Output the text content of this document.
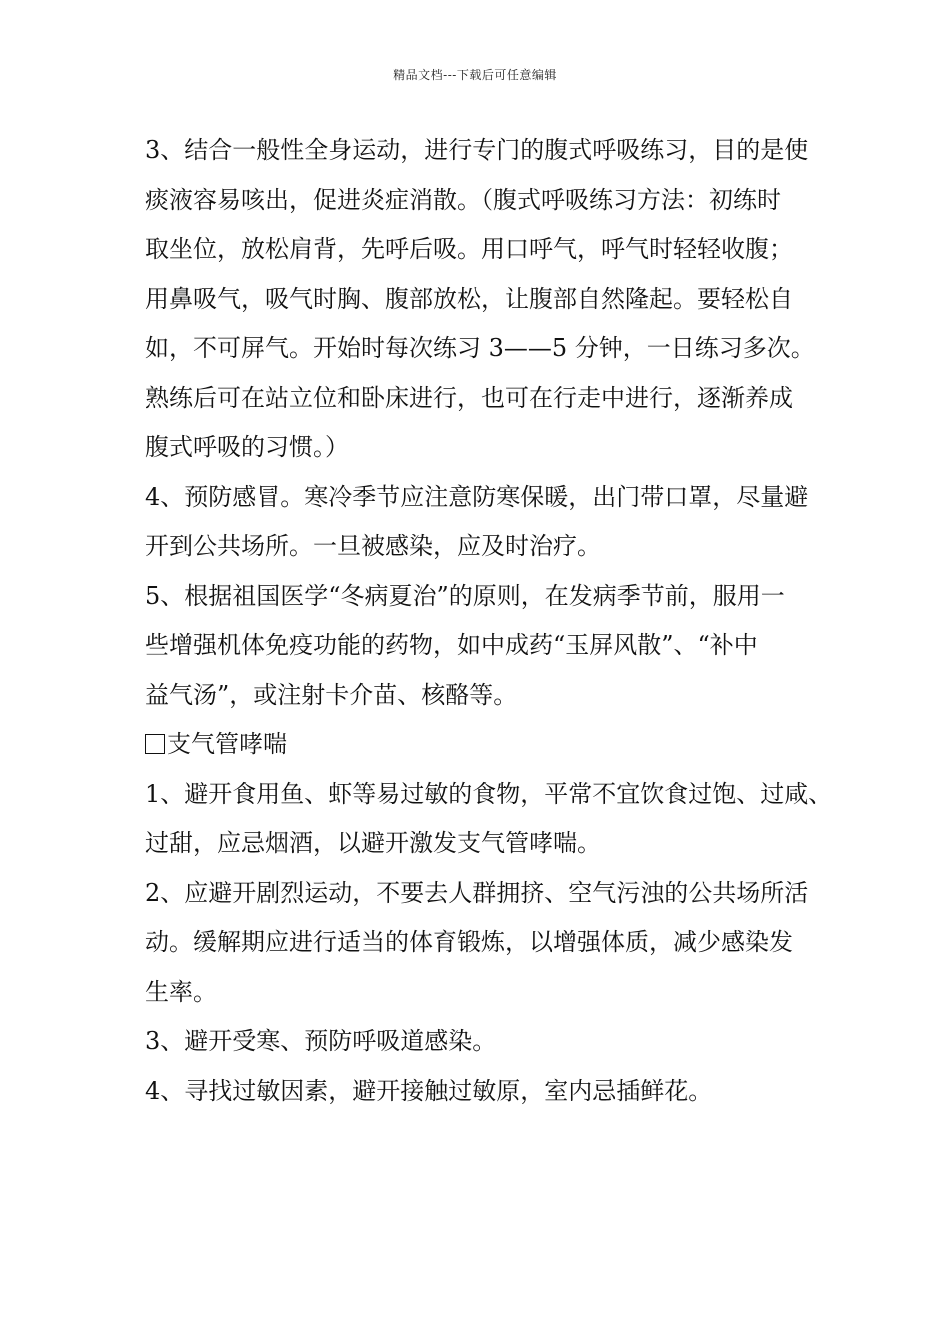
精品文档---下载后可任意编辑
3、结合一般性全身运动，进行专门的腹式呼吸练习，目的是使
痰液容易咳出，促进炎症消散。（腹式呼吸练习方法：初练时
取坐位，放松肩背，先呼后吸。用口呼气，呼气时轻轻收腹；
用鼻吸气，吸气时胸、腹部放松，让腹部自然隆起。要轻松自
如，不可屏气。开始时每次练习 3——5 分钟，一日练习多次。
熟练后可在站立位和卧床进行，也可在行走中进行，逐渐养成
腹式呼吸的习惯。）
4、预防感冒。寒冷季节应注意防寒保暖，出门带口罩，尽量避
开到公共场所。一旦被感染，应及时治疗。
5、根据祖国医学“冬病夏治”的原则，在发病季节前，服用一
些增强机体免疫功能的药物，如中成药“玉屏风散”、“补中
益气汤”，或注射卡介苗、核酪等。
支气管哮喘
1、避开食用鱼、虾等易过敏的食物，平常不宜饮食过饱、过咸、
过甜，应忌烟酒，以避开激发支气管哮喘。
2、应避开剧烈运动，不要去人群拥挤、空气污浊的公共场所活
动。缓解期应进行适当的体育锻炼，以增强体质，减少感染发
生率。
3、避开受寒、预防呼吸道感染。
4、寻找过敏因素，避开接触过敏原，室内忌插鲜花。
